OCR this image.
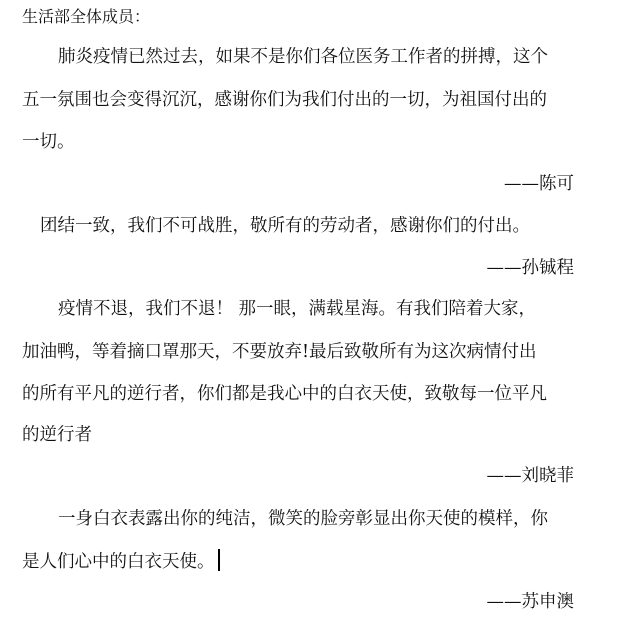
生活部全体成员：
肺炎疫情已然过去，如果不是你们各位医务工作者的拼搏，这个
五一氛围也会变得沉沉，感谢你们为我们付出的一切，为祖国付出的
一切。
——陈可
团结一致，我们不可战胜，敬所有的劳动者，感谢你们的付出。
——孙铖程
疫情不退，我们不退！ 那一眼，满载星海。有我们陪着大家，
加油鸭，等着摘口罩那天，不要放弃!最后致敬所有为这次病情付出
的所有平凡的逆行者，你们都是我心中的白衣天使，致敬每一位平凡
的逆行者
——刘晓菲
一身白衣表露出你的纯洁，微笑的脸旁彰显出你天使的模样，你
是人们心中的白衣天使。
——苏申澳
